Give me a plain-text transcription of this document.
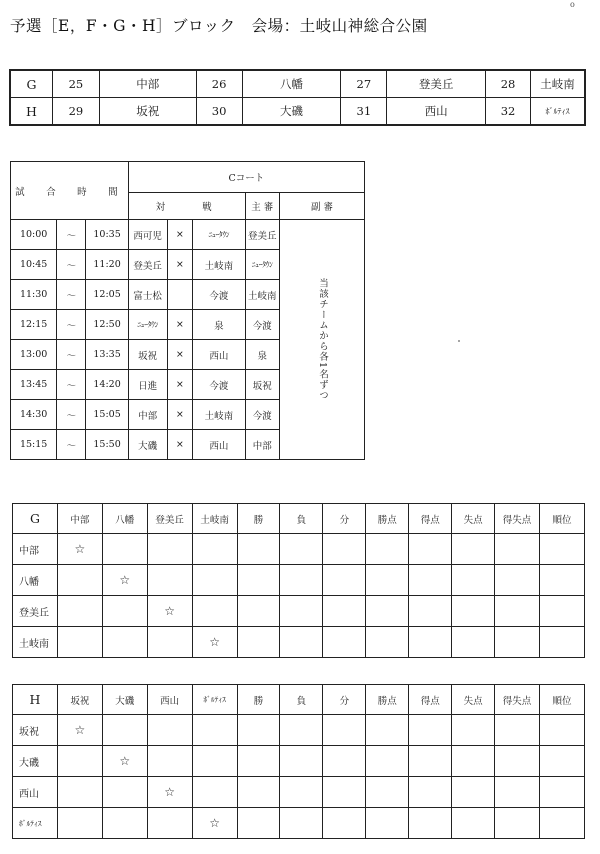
予選［E，F・G・H］ブロック　会場：土岐山神総合公園
o
G	25	中部	26	八幡	27	登美丘	28	土岐南
H	29	坂祝	30	大磯	31	西山	32	ﾎﾞﾙﾃｨｽ
試　合　時　間			Cコート				
			対　　戦			主 審	副 審
10:00	〜	10:35	西可児	×	ﾆｭｰﾀｳﾝ	登美丘	当該チームから各1名ずつ

10:45	〜	11:20	登美丘	×	土岐南	ﾆｭｰﾀｳﾝ	
11:30	〜	12:05	富士松		今渡	土岐南	
12:15	〜	12:50	ﾆｭｰﾀｳﾝ	×	泉	今渡	
13:00	〜	13:35	坂祝	×	西山	泉	
13:45	〜	14:20	日進	×	今渡	坂祝	
14:30	〜	15:05	中部	×	土岐南	今渡	
15:15	〜	15:50	大磯	×	西山	中部	
G	中部	八幡	登美丘	土岐南	勝	負	分	勝点	得点	失点	得失点	順位
中部	☆											
八幡		☆										
登美丘			☆									
土岐南				☆								
H	坂祝	大磯	西山	ﾎﾞﾙﾃｨｽ	勝	負	分	勝点	得点	失点	得失点	順位
坂祝	☆											
大磯		☆										
西山			☆									
ﾎﾞﾙﾃｨｽ				☆								
